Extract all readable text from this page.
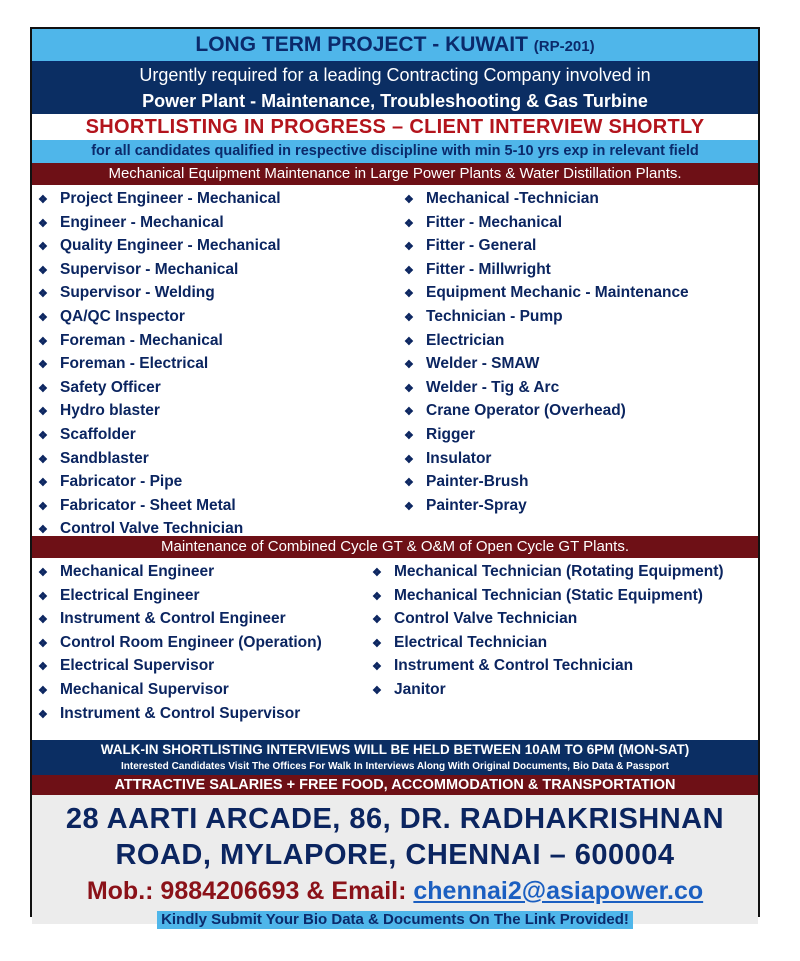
LONG TERM PROJECT - KUWAIT (RP-201)
Urgently required for a leading Contracting Company involved in
Power Plant - Maintenance, Troubleshooting & Gas Turbine
SHORTLISTING IN PROGRESS – CLIENT INTERVIEW SHORTLY
for all candidates qualified in respective discipline with min 5-10 yrs exp in relevant field
Mechanical Equipment Maintenance in Large Power Plants & Water Distillation Plants.
❖ Project Engineer - Mechanical
❖ Engineer - Mechanical
❖ Quality Engineer - Mechanical
❖ Supervisor - Mechanical
❖ Supervisor - Welding
❖ QA/QC Inspector
❖ Foreman - Mechanical
❖ Foreman - Electrical
❖ Safety Officer
❖ Hydro blaster
❖ Scaffolder
❖ Sandblaster
❖ Fabricator - Pipe
❖ Fabricator - Sheet Metal
❖ Control Valve Technician
❖ Mechanical -Technician
❖ Fitter - Mechanical
❖ Fitter - General
❖ Fitter - Millwright
❖ Equipment Mechanic - Maintenance
❖ Technician - Pump
❖ Electrician
❖ Welder - SMAW
❖ Welder - Tig & Arc
❖ Crane Operator (Overhead)
❖ Rigger
❖ Insulator
❖ Painter-Brush
❖ Painter-Spray
Maintenance of Combined Cycle GT & O&M of Open Cycle GT Plants.
❖ Mechanical Engineer
❖ Electrical Engineer
❖ Instrument & Control Engineer
❖ Control Room Engineer (Operation)
❖ Electrical Supervisor
❖ Mechanical Supervisor
❖ Instrument & Control Supervisor
❖ Mechanical Technician (Rotating Equipment)
❖ Mechanical Technician (Static Equipment)
❖ Control Valve Technician
❖ Electrical Technician
❖ Instrument & Control Technician
❖ Janitor
WALK-IN SHORTLISTING INTERVIEWS WILL BE HELD BETWEEN 10AM TO 6PM (MON-SAT)
Interested Candidates Visit The Offices For Walk In Interviews Along With Original Documents, Bio Data & Passport
ATTRACTIVE SALARIES + FREE FOOD, ACCOMMODATION & TRANSPORTATION
28 AARTI ARCADE, 86, DR. RADHAKRISHNAN
ROAD, MYLAPORE, CHENNAI – 600004
Mob.: 9884206693 & Email: chennai2@asiapower.co
Kindly Submit Your Bio Data & Documents On The Link Provided!
